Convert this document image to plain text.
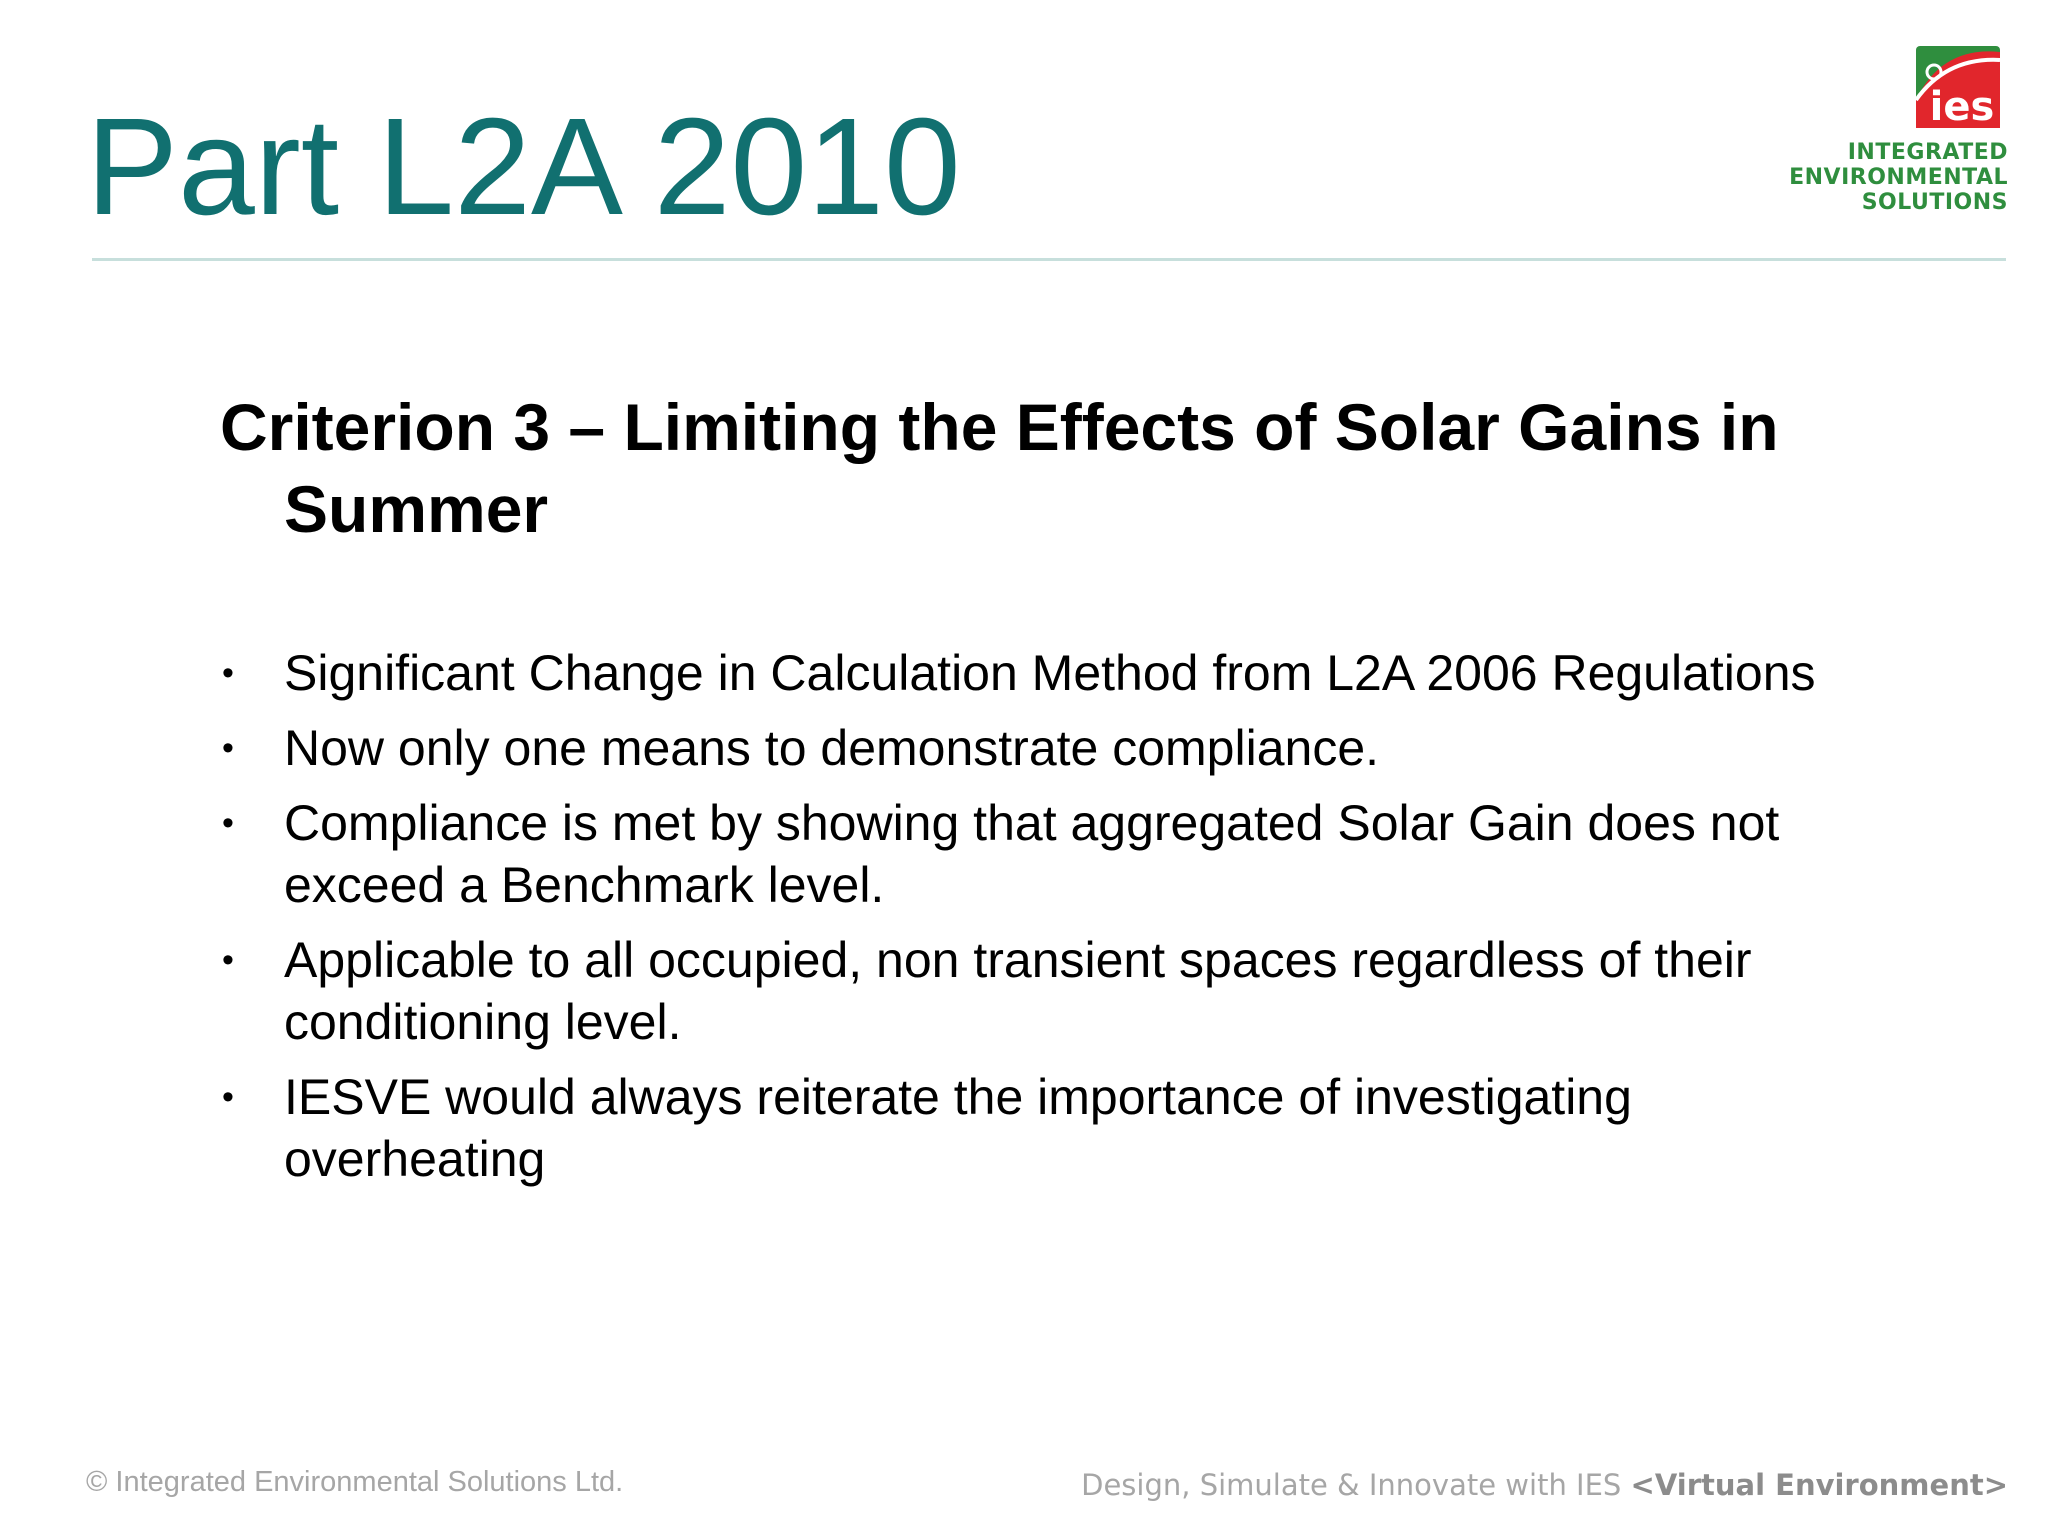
Part L2A 2010	ies
INTEGRATED
ENVIRONMENTAL
SOLUTIONS
Criterion 3 – Limiting the Effects of Solar Gains in Summer
• Significant Change in Calculation Method from L2A 2006 Regulations
• Now only one means to demonstrate compliance.
• Compliance is met by showing that aggregated Solar Gain does not exceed a Benchmark level.
• Applicable to all occupied, non transient spaces regardless of their conditioning level.
• IESVE would always reiterate the importance of investigating overheating
© Integrated Environmental Solutions Ltd.	Design, Simulate & Innovate with IES <Virtual Environment>
